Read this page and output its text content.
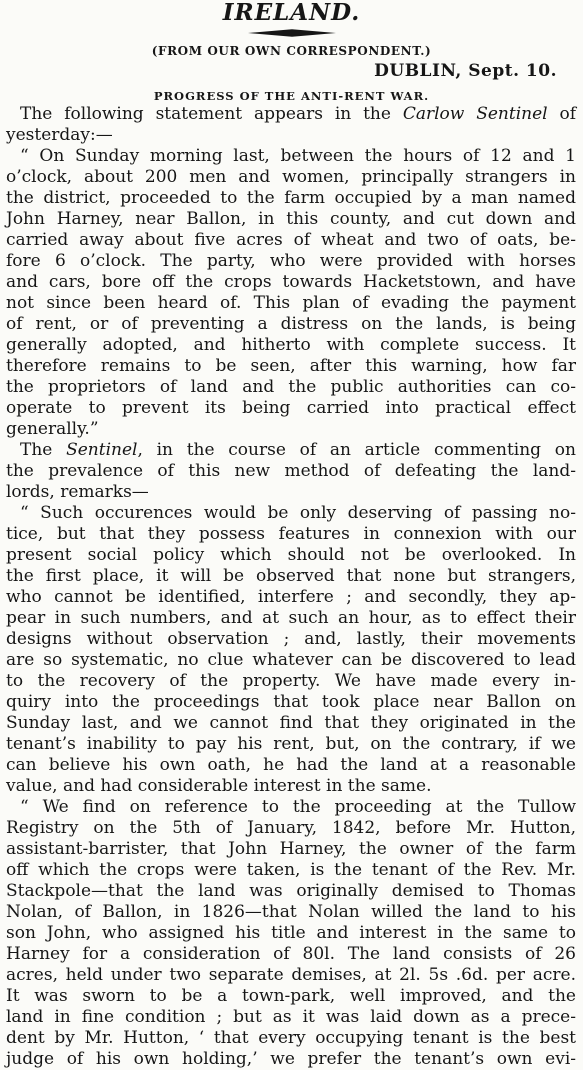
IRELAND.
(FROM OUR OWN CORRESPONDENT.)
DUBLIN, Sept. 10.
PROGRESS OF THE ANTI-RENT WAR.
The following statement appears in the Carlow Sentinel of
yesterday:—
“ On Sunday morning last, between the hours of 12 and 1
o’clock, about 200 men and women, principally strangers in
the district, proceeded to the farm occupied by a man named
John Harney, near Ballon, in this county, and cut down and
carried away about five acres of wheat and two of oats, be-
fore 6 o’clock. The party, who were provided with horses
and cars, bore off the crops towards Hacketstown, and have
not since been heard of. This plan of evading the payment
of rent, or of preventing a distress on the lands, is being
generally adopted, and hitherto with complete success. It
therefore remains to be seen, after this warning, how far
the proprietors of land and the public authorities can co-
operate to prevent its being carried into practical effect
generally.”
The Sentinel, in the course of an article commenting on
the prevalence of this new method of defeating the land-
lords, remarks—
“ Such occurences would be only deserving of passing no-
tice, but that they possess features in connexion with our
present social policy which should not be overlooked. In
the first place, it will be observed that none but strangers,
who cannot be identified, interfere ; and secondly, they ap-
pear in such numbers, and at such an hour, as to effect their
designs without observation ; and, lastly, their movements
are so systematic, no clue whatever can be discovered to lead
to the recovery of the property. We have made every in-
quiry into the proceedings that took place near Ballon on
Sunday last, and we cannot find that they originated in the
tenant’s inability to pay his rent, but, on the contrary, if we
can believe his own oath, he had the land at a reasonable
value, and had considerable interest in the same.
“ We find on reference to the proceeding at the Tullow
Registry on the 5th of January, 1842, before Mr. Hutton,
assistant-barrister, that John Harney, the owner of the farm
off which the crops were taken, is the tenant of the Rev. Mr.
Stackpole—that the land was originally demised to Thomas
Nolan, of Ballon, in 1826—that Nolan willed the land to his
son John, who assigned his title and interest in the same to
Harney for a consideration of 80l. The land consists of 26
acres, held under two separate demises, at 2l. 5s .6d. per acre.
It was sworn to be a town-park, well improved, and the
land in fine condition ; but as it was laid down as a prece-
dent by Mr. Hutton, ‘ that every occupying tenant is the best
judge of his own holding,’ we prefer the tenant’s own evi-
